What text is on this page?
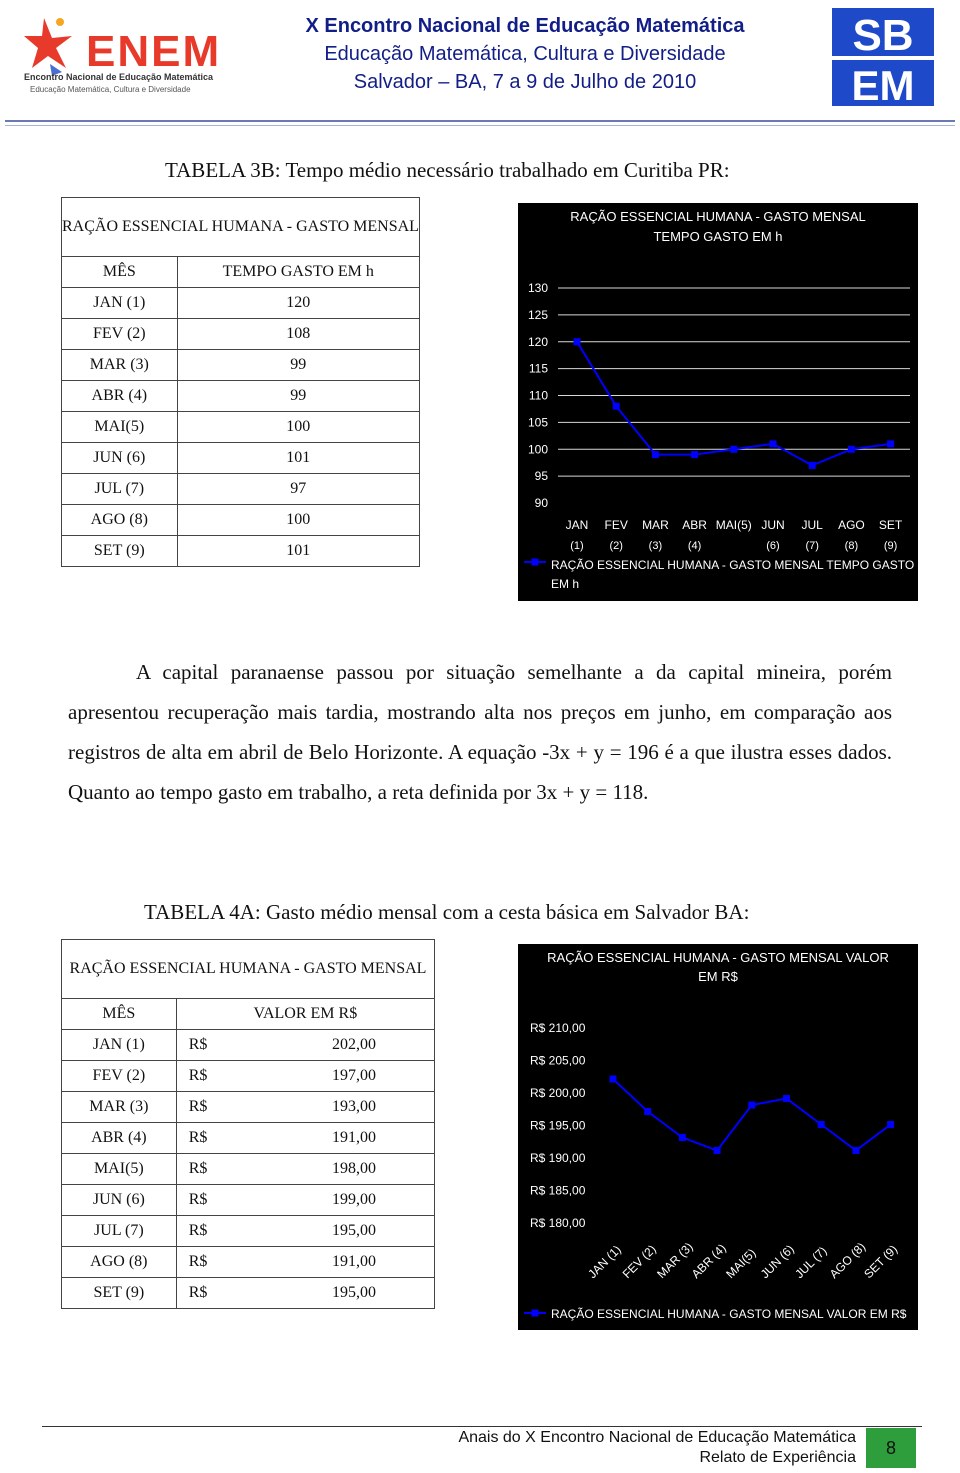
ENEM
Encontro Nacional de Educação Matemática
Educação Matemática, Cultura e Diversidade
X Encontro Nacional de Educação Matemática
Educação Matemática, Cultura e Diversidade
Salvador – BA, 7 a 9 de Julho de 2010
SB
EM
TABELA 3B: Tempo médio necessário trabalhado em Curitiba PR:
RAÇÃO ESSENCIAL HUMANA - GASTO MENSAL	
MÊS	TEMPO GASTO EM h
JAN (1)	120
FEV (2)	108
MAR (3)	99
ABR (4)	99
MAI(5)	100
JUN (6)	101
JUL (7)	97
AGO (8)	100
SET (9)	101
RAÇÃO ESSENCIAL HUMANA - GASTO MENSAL
TEMPO GASTO EM h
130
125
120
115
110
105
100
95
90
JAN
(1)
FEV
(2)
MAR
(3)
ABR
(4)
MAI(5) JUN
(6)
JUL
(7)
AGO
(8)
SET
(9)
RAÇÃO ESSENCIAL HUMANA - GASTO MENSAL TEMPO GASTO
EM h

A capital paranaense passou por situação semelhante a da capital mineira, porém apresentou recuperação mais tardia, mostrando alta nos preços em junho, em comparação aos registros de alta em abril de Belo Horizonte. A equação -3x + y = 196 é a que ilustra esses dados. Quanto ao tempo gasto em trabalho, a reta definida por 3x + y = 118.

TABELA 4A: Gasto médio mensal com a cesta básica em Salvador BA:
RAÇÃO ESSENCIAL HUMANA - GASTO MENSAL		
MÊS	VALOR EM R$	
JAN (1)	R$	202,00
FEV (2)	R$	197,00
MAR (3)	R$	193,00
ABR (4)	R$	191,00
MAI(5)	R$	198,00
JUN (6)	R$	199,00
JUL (7)	R$	195,00
AGO (8)	R$	191,00
SET (9)	R$	195,00
RAÇÃO ESSENCIAL HUMANA - GASTO MENSAL VALOR
EM R$
R$ 210,00
R$ 205,00
R$ 200,00
R$ 195,00
R$ 190,00
R$ 185,00
R$ 180,00
JAN (1)
FEV (2)
MAR (3)
ABR (4)
MAI(5) JUN (6)
JUL (7)
AGO (8)
SET (9)
RAÇÃO ESSENCIAL HUMANA - GASTO MENSAL VALOR EM R$
Anais do X Encontro Nacional de Educação Matemática
Relato de Experiência	8
